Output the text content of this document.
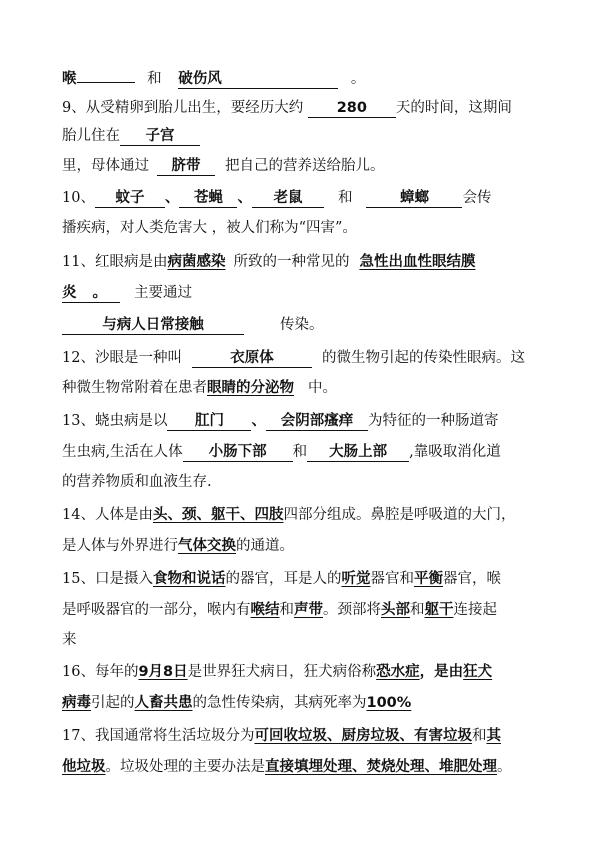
喉	和 破伤风	。
9、从受精卵到胎儿出生，要经历大约 280 天的时间，这期间
胎儿住在 子宫
里，母体通过 脐带 把自己的营养送给胎儿。
10、 蚊子 、 苍蝇 、 老鼠 和	蟑螂 会传
播疾病，对人类危害大 ，被人们称为“四害”。
11、红眼病是由病菌感染 所致的一种常见的 急性出血性眼结膜
炎 。 主要通过
与病人日常接触	传染。
12、沙眼是一种叫	衣原体	的微生物引起的传染性眼病。这
种微生物常附着在患者眼睛的分泌物 中。
13、蛲虫病是以 肛门 、 会阴部瘙痒 为特征的一种肠道寄
生虫病,生活在人体 小肠下部 和 大肠上部 ,靠吸取消化道
的营养物质和血液生存.
14、人体是由头、颈、躯干、四肢四部分组成。鼻腔是呼吸道的大门，
是人体与外界进行气体交换的通道。
15、口是摄入食物和说话的器官，耳是人的听觉器官和平衡器官，喉
是呼吸器官的一部分，喉内有喉结和声带。颈部将头部和躯干连接起
来
16、每年的9月8日是世界狂犬病日，狂犬病俗称恐水症，是由狂犬
病毒引起的人畜共患的急性传染病，其病死率为100%
17、我国通常将生活垃圾分为可回收垃圾、厨房垃圾、有害垃圾和其
他垃圾。垃圾处理的主要办法是直接填埋处理、焚烧处理、堆肥处理。
